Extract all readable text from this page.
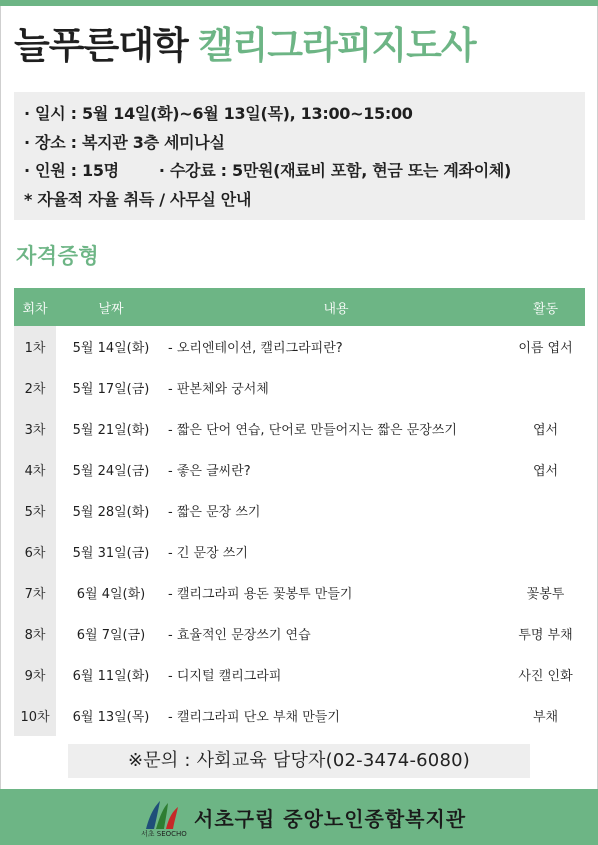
늘푸른대학 캘리그라피지도사
· 일시 : 5월 14일(화)~6월 13일(목), 13:00~15:00
· 장소 : 복지관 3층 세미나실
· 인원 : 15명	· 수강료 : 5만원(재료비 포함, 현금 또는 계좌이체)
* 자율적 자율 취득 / 사무실 안내
자격증형
회차	날짜	내용	활동
1차	5월 14일(화)	- 오리엔테이션, 캘리그라피란?	이름 엽서
2차	5월 17일(금)	- 판본체와 궁서체
3차	5월 21일(화)	- 짧은 단어 연습, 단어로 만들어지는 짧은 문장쓰기	엽서
4차	5월 24일(금)	- 좋은 글씨란?	엽서
5차	5월 28일(화)	- 짧은 문장 쓰기
6차	5월 31일(금)	- 긴 문장 쓰기
7차	6월 4일(화)	- 캘리그라피 용돈 꽃봉투 만들기	꽃봉투
8차	6월 7일(금)	- 효율적인 문장쓰기 연습	투명 부채
9차	6월 11일(화)	- 디지털 캘리그라피	사진 인화
10차	6월 13일(목)	- 캘리그라피 단오 부채 만들기	부채
※문의 : 사회교육 담당자(02-3474-6080)
서초 SEOCHO
서초구립 중앙노인종합복지관
